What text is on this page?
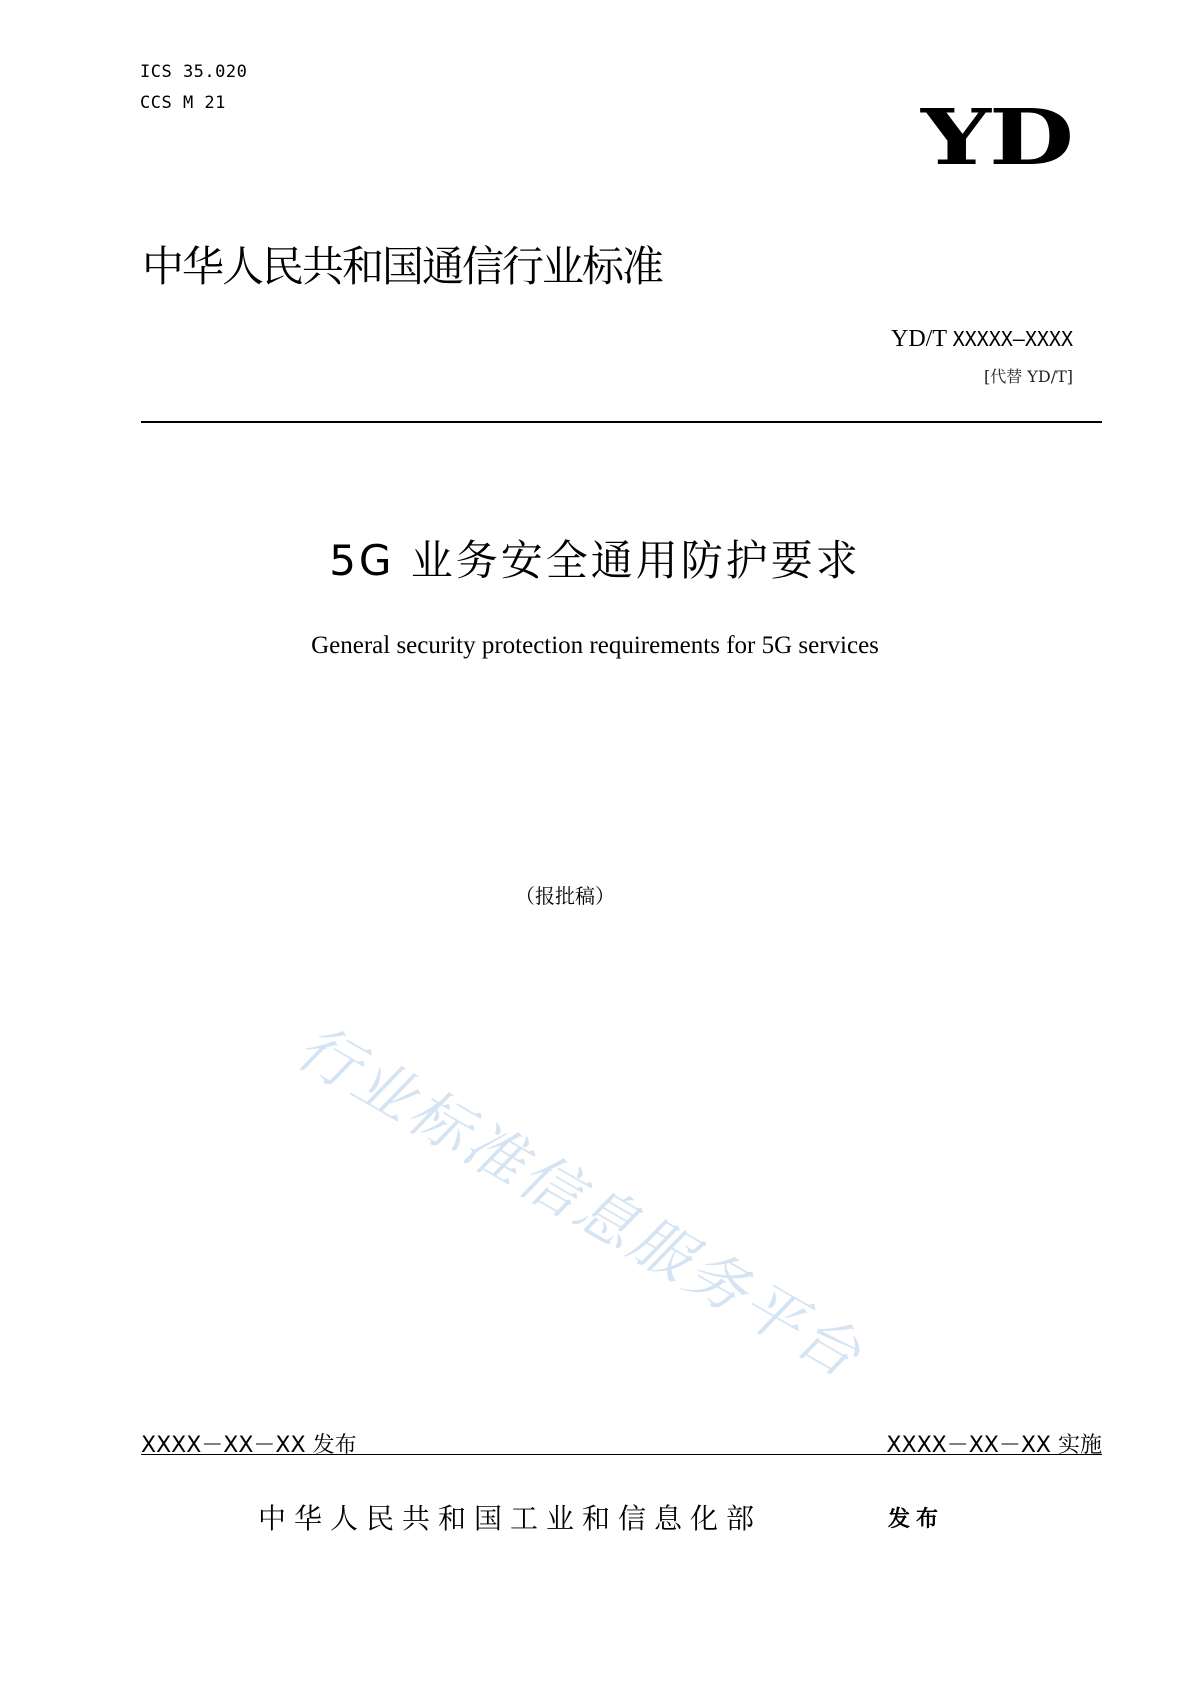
ICS 35.020
CCS M 21	YD
中华人民共和国通信行业标准
YD/T XXXXX—XXXX
[代替 YD/T]
5G 业务安全通用防护要求
General security protection requirements for 5G services
（报批稿）
行业标准信息服务平台
XXXX－XX－XX 发布	XXXX－XX－XX 实施
中华人民共和国工业和信息化部	发布
